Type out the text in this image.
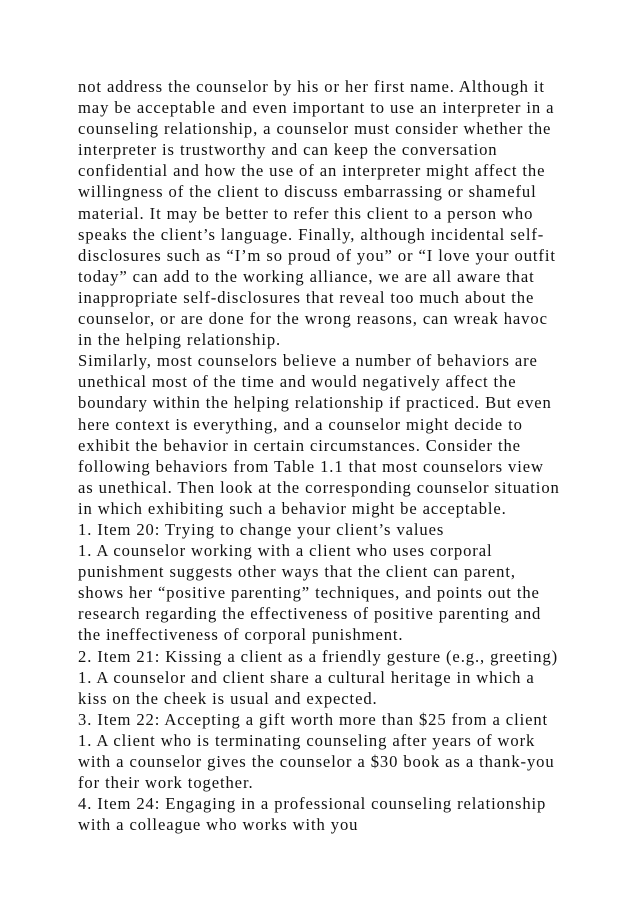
not address the counselor by his or her first name. Although it
may be acceptable and even important to use an interpreter in a
counseling relationship, a counselor must consider whether the
interpreter is trustworthy and can keep the conversation
confidential and how the use of an interpreter might affect the
willingness of the client to discuss embarrassing or shameful
material. It may be better to refer this client to a person who
speaks the client’s language. Finally, although incidental self-
disclosures such as “I’m so proud of you” or “I love your outfit
today” can add to the working alliance, we are all aware that
inappropriate self-disclosures that reveal too much about the
counselor, or are done for the wrong reasons, can wreak havoc
in the helping relationship.
Similarly, most counselors believe a number of behaviors are
unethical most of the time and would negatively affect the
boundary within the helping relationship if practiced. But even
here context is everything, and a counselor might decide to
exhibit the behavior in certain circumstances. Consider the
following behaviors from Table 1.1 that most counselors view
as unethical. Then look at the corresponding counselor situation
in which exhibiting such a behavior might be acceptable.
1. Item 20: Trying to change your client’s values
1. A counselor working with a client who uses corporal
punishment suggests other ways that the client can parent,
shows her “positive parenting” techniques, and points out the
research regarding the effectiveness of positive parenting and
the ineffectiveness of corporal punishment.
2. Item 21: Kissing a client as a friendly gesture (e.g., greeting)
1. A counselor and client share a cultural heritage in which a
kiss on the cheek is usual and expected.
3. Item 22: Accepting a gift worth more than $25 from a client
1. A client who is terminating counseling after years of work
with a counselor gives the counselor a $30 book as a thank-you
for their work together.
4. Item 24: Engaging in a professional counseling relationship
with a colleague who works with you
